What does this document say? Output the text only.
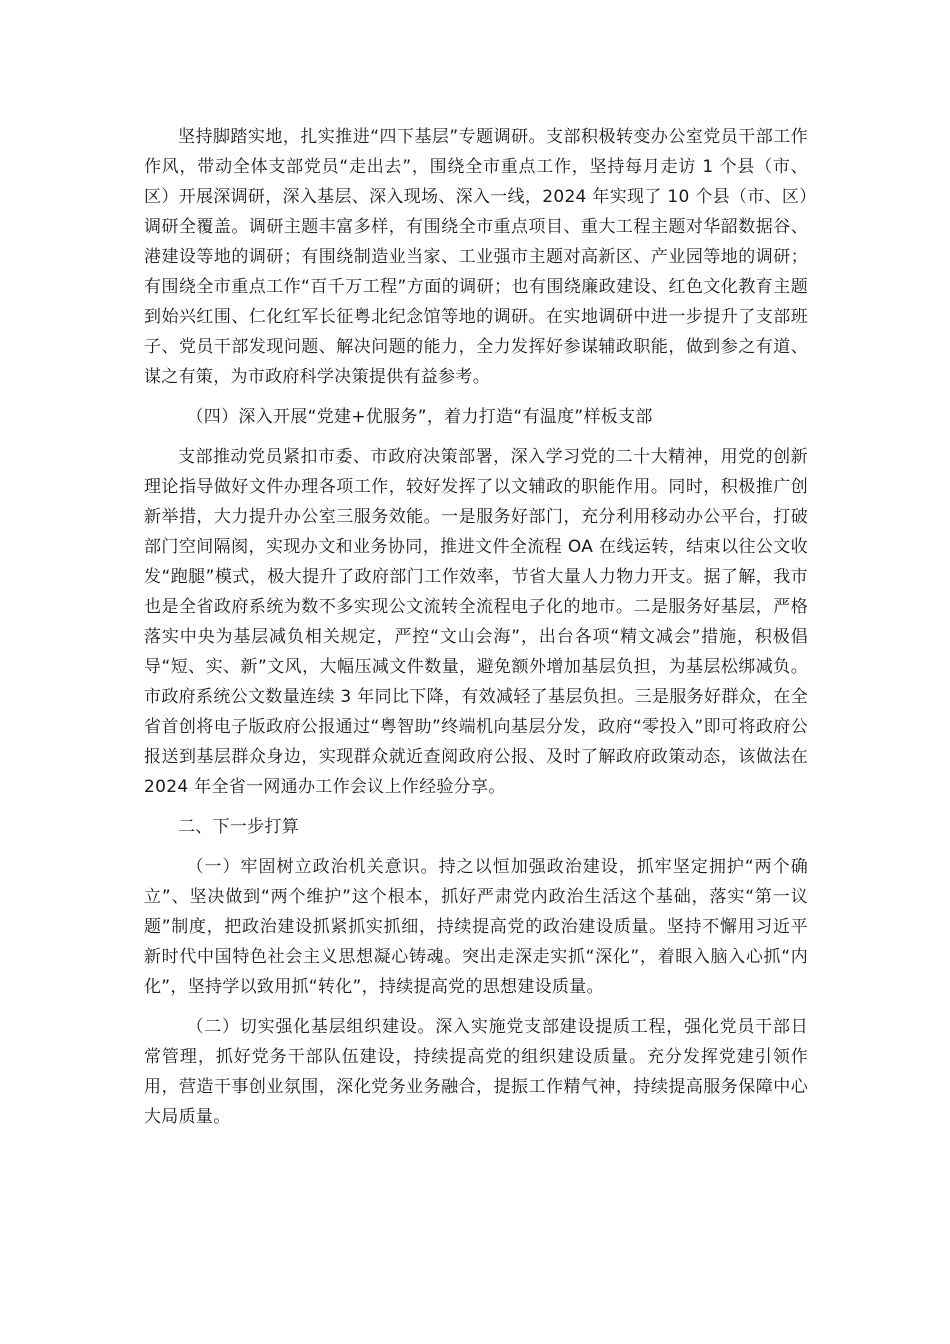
坚持脚踏实地，扎实推进“四下基层”专题调研。支部积极转变办公室党员干部工作作风，带动全体支部党员“走出去”，围绕全市重点工作，坚持每月走访 1 个县（市、区）开展深调研，深入基层、深入现场、深入一线，2024 年实现了 10 个县（市、区）调研全覆盖。调研主题丰富多样，有围绕全市重点项目、重大工程主题对华韶数据谷、港建设等地的调研；有围绕制造业当家、工业强市主题对高新区、产业园等地的调研；有围绕全市重点工作“百千万工程”方面的调研；也有围绕廉政建设、红色文化教育主题到始兴红围、仁化红军长征粤北纪念馆等地的调研。在实地调研中进一步提升了支部班子、党员干部发现问题、解决问题的能力，全力发挥好参谋辅政职能，做到参之有道、谋之有策，为市政府科学决策提供有益参考。

（四）深入开展“党建+优服务”，着力打造“有温度”样板支部

支部推动党员紧扣市委、市政府决策部署，深入学习党的二十大精神，用党的创新理论指导做好文件办理各项工作，较好发挥了以文辅政的职能作用。同时，积极推广创新举措，大力提升办公室三服务效能。一是服务好部门，充分利用移动办公平台，打破部门空间隔阂，实现办文和业务协同，推进文件全流程 OA 在线运转，结束以往公文收发“跑腿”模式，极大提升了政府部门工作效率，节省大量人力物力开支。据了解，我市也是全省政府系统为数不多实现公文流转全流程电子化的地市。二是服务好基层，严格落实中央为基层减负相关规定，严控“文山会海”，出台各项“精文减会”措施，积极倡导“短、实、新”文风，大幅压减文件数量，避免额外增加基层负担，为基层松绑减负。市政府系统公文数量连续 3 年同比下降，有效减轻了基层负担。三是服务好群众，在全省首创将电子版政府公报通过“粤智助”终端机向基层分发，政府“零投入”即可将政府公报送到基层群众身边，实现群众就近查阅政府公报、及时了解政府政策动态，该做法在 2024 年全省一网通办工作会议上作经验分享。

二、下一步打算

（一）牢固树立政治机关意识。持之以恒加强政治建设，抓牢坚定拥护“两个确立”、坚决做到“两个维护”这个根本，抓好严肃党内政治生活这个基础，落实“第一议题”制度，把政治建设抓紧抓实抓细，持续提高党的政治建设质量。坚持不懈用习近平新时代中国特色社会主义思想凝心铸魂。突出走深走实抓“深化”，着眼入脑入心抓“内化”，坚持学以致用抓“转化”，持续提高党的思想建设质量。

（二）切实强化基层组织建设。深入实施党支部建设提质工程，强化党员干部日常管理，抓好党务干部队伍建设，持续提高党的组织建设质量。充分发挥党建引领作用，营造干事创业氛围，深化党务业务融合，提振工作精气神，持续提高服务保障中心大局质量。
